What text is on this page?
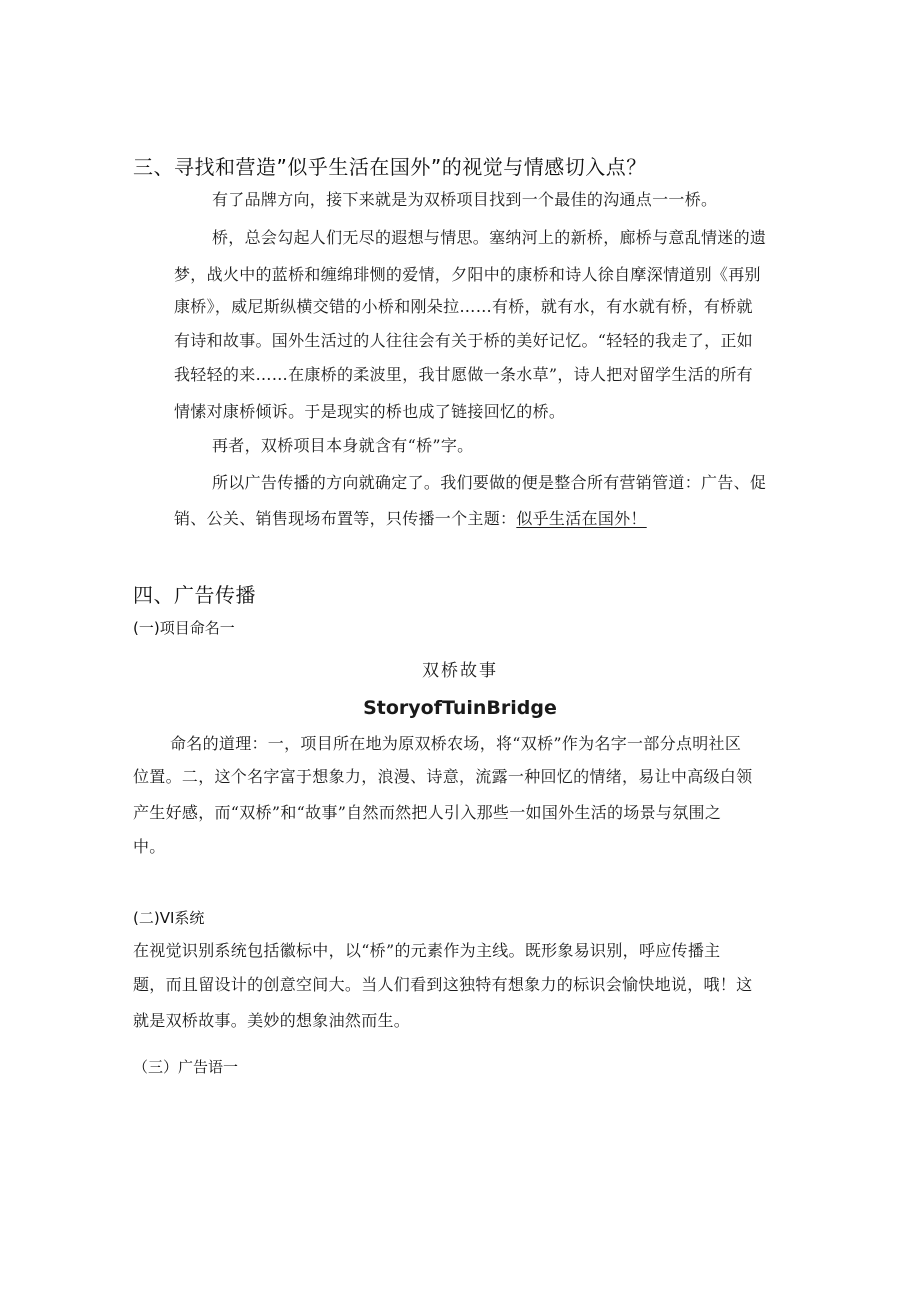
三、寻找和营造”似乎生活在国外”的视觉与情感切入点？
有了品牌方向，接下来就是为双桥项目找到一个最佳的沟通点一一桥。
桥，总会勾起人们无尽的遐想与情思。塞纳河上的新桥，廊桥与意乱情迷的遗
梦，战火中的蓝桥和缠绵琲恻的爱情，夕阳中的康桥和诗人徐自摩深情道别《再别
康桥》，威尼斯纵横交错的小桥和刚朵拉……有桥，就有水，有水就有桥，有桥就
有诗和故事。国外生活过的人往往会有关于桥的美好记忆。“轻轻的我走了，正如
我轻轻的来……在康桥的柔波里，我甘愿做一条水草”，诗人把对留学生活的所有
情愫对康桥倾诉。于是现实的桥也成了链接回忆的桥。
再者，双桥项目本身就含有“桥”字。
所以广告传播的方向就确定了。我们要做的便是整合所有营销管道：广告、促
销、公关、销售现场布置等，只传播一个主题：似乎生活在国外！
四、广告传播
(一)项目命名一
双桥故事
StoryofTuinBridge
命名的道理：一，项目所在地为原双桥农场，将“双桥”作为名字一部分点明社区
位置。二，这个名字富于想象力，浪漫、诗意，流露一种回忆的情绪，易让中高级白领
产生好感，而“双桥”和“故事”自然而然把人引入那些一如国外生活的场景与氛围之
中。
(二)VI系统
在视觉识别系统包括徽标中，以“桥”的元素作为主线。既形象易识别，呼应传播主
题，而且留设计的创意空间大。当人们看到这独特有想象力的标识会愉快地说，哦！这
就是双桥故事。美妙的想象油然而生。
（三）广告语一
